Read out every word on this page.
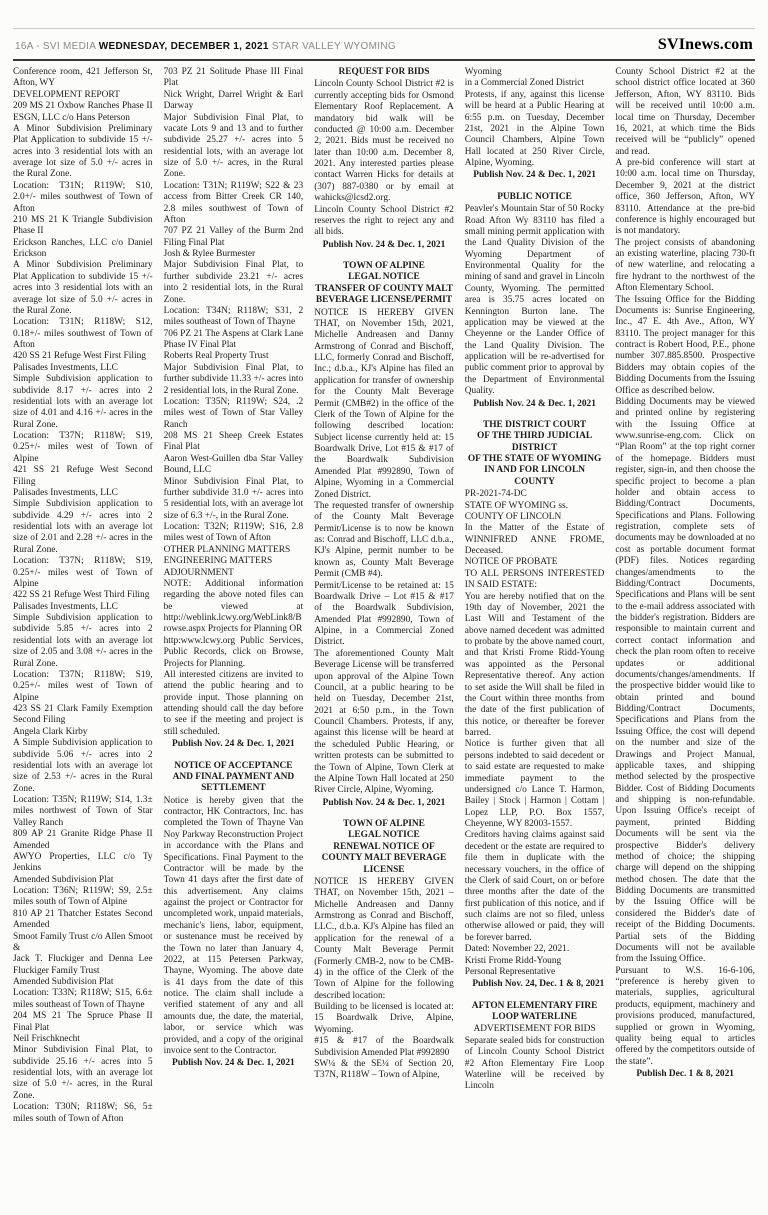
16A - SVI MEDIA WEDNESDAY, DECEMBER 1, 2021 STAR VALLEY WYOMING	SVInews.com

Conference room, 421 Jefferson St, Afton, WY

DEVELOPMENT REPORT

209 MS 21 Oxbow Ranches Phase II ESGN, LLC c/o Hans Peterson

A Minor Subdivision Preliminary Plat Application to subdivide 15 +/- acres into 3 residential lots with an average lot size of 5.0 +/- acres in the Rural Zone.

Location: T31N; R119W; S10, 2.0+/- miles southwest of Town of Afton

210 MS 21 K Triangle Subdivision Phase II

Erickson Ranches, LLC c/o Daniel Erickson

A Minor Subdivision Preliminary Plat Application to subdivide 15 +/- acres into 3 residential lots with an average lot size of 5.0 +/- acres in the Rural Zone.

Location: T31N; R118W; S12, 0.18+/- miles southwest of Town of Afton

420 SS 21 Refuge West First Filing

Palisades Investments, LLC

Simple Subdivision application to subdivide 8.17 +/- acres into 2 residential lots with an average lot size of 4.01 and 4.16 +/- acres in the Rural Zone.

Location: T37N; R118W; S19, 0.25+/- miles west of Town of Alpine

421 SS 21 Refuge West Second Filing

Palisades Investments, LLC

Simple Subdivision application to subdivide 4.29 +/- acres into 2 residential lots with an average lot size of 2.01 and 2.28 +/- acres in the Rural Zone.

Location: T37N; R118W; S19, 0.25+/- miles west of Town of Alpine

422 SS 21 Refuge West Third Filing

Palisades Investments, LLC

Simple Subdivision application to subdivide 5.85 +/- acres into 2 residential lots with an average lot size of 2.05 and 3.08 +/- acres in the Rural Zone.

Location: T37N; R118W; S19, 0.25+/- miles west of Town of Alpine

423 SS 21 Clark Family Exemption Second Filing

Angela Clark Kirby

A Simple Subdivision application to subdivide 5.06 +/- acres into 2 residential lots with an average lot size of 2.53 +/- acres in the Rural Zone.

Location: T35N; R119W; S14, 1.3± miles northwest of Town of Star Valley Ranch

809 AP 21 Granite Ridge Phase II Amended

AWYO Properties, LLC c/o Ty Jenkins

Amended Subdivision Plat

Location: T36N; R119W; S9, 2.5± miles south of Town of Alpine

810 AP 21 Thatcher Estates Second Amended

Smoot Family Trust c/o Allen Smoot &

Jack T. Fluckiger and Denna Lee Fluckiger Family Trust

Amended Subdivision Plat

Location: T33N; R118W; S15, 6.6± miles southeast of Town of Thayne

204 MS 21 The Spruce Phase II Final Plat

Neil Frischknecht

Minor Subdivision Final Plat, to subdivide 25.16 +/- acres into 5 residential lots, with an average lot size of 5.0 +/- acres, in the Rural Zone.

Location: T30N; R118W; S6, 5± miles south of Town of Afton

703 PZ 21 Solitude Phase III Final Plat

Nick Wright, Darrel Wright & Earl Darway

Major Subdivision Final Plat, to vacate Lots 9 and 13 and to further subdivide 25.27 +/- acres into 5 residential lots, with an average lot size of 5.0 +/- acres, in the Rural Zone.

Location: T31N; R119W; S22 & 23 access from Bitter Creek CR 140, 2.8 miles southwest of Town of Afton

707 PZ 21 Valley of the Burm 2nd Filing Final Plat

Josh & Rylee Burmester

Major Subdivision Final Plat, to further subdivide 23.21 +/- acres into 2 residential lots, in the Rural Zone.

Location: T34N; R118W; S31, 2 miles southeast of Town of Thayne

706 PZ 21 The Aspens at Clark Lane Phase IV Final Plat

Roberts Real Property Trust

Major Subdivision Final Plat, to further subdivide 11.33 +/- acres into 2 residential lots, in the Rural Zone.

Location: T35N; R119W; S24, .2 miles west of Town of Star Valley Ranch

208 MS 21 Sheep Creek Estates Final Plat

Aaron West-Guillen dba Star Valley Bound, LLC

Minor Subdivision Final Plat, to further subdivide 31.0 +/- acres into 5 residential lots, with an average lot size of 6.3 +/-, in the Rural Zone.

Location: T32N; R119W; S16, 2.8 miles west of Town of Afton

OTHER PLANNING MATTERS

ENGINEERING MATTERS

ADJOURNMENT

NOTE: Additional information regarding the above noted files can be viewed at http://weblink.lcwy.org/WebLink8/Browse.aspx Projects for Planning OR

http:www.lcwy.org Public Services, Public Records, click on Browse, Projects for Planning.

All interested citizens are invited to attend the public hearing and to provide input. Those planning on attending should call the day before to see if the meeting and project is still scheduled.

Publish Nov. 24 & Dec. 1, 2021

NOTICE OF ACCEPTANCE AND FINAL PAYMENT AND SETTLEMENT

Notice is hereby given that the contractor, HK Contractors, Inc. has completed the Town of Thayne Van Noy Parkway Reconstruction Project in accordance with the Plans and Specifications. Final Payment to the Contractor will be made by the Town 41 days after the first date of this advertisement. Any claims against the project or Contractor for uncompleted work, unpaid materials, mechanic's liens, labor, equipment, or sustenance must be received by the Town no later than January 4, 2022, at 115 Petersen Parkway, Thayne, Wyoming. The above date is 41 days from the date of this notice. The claim shall include a verified statement of any and all amounts due, the date, the material, labor, or service which was provided, and a copy of the original invoice sent to the Contractor.

Publish Nov. 24 & Dec. 1, 2021

REQUEST FOR BIDS

Lincoln County School District #2 is currently accepting bids for Osmond Elementary Roof Replacement. A mandatory bid walk will be conducted @ 10:00 a.m. December 2, 2021. Bids must be received no later than 10:00 a.m. December 8, 2021. Any interested parties please contact Warren Hicks for details at (307) 887-0380 or by email at wahicks@lcsd2.org.

Lincoln County School District #2 reserves the right to reject any and all bids.

Publish Nov. 24 & Dec. 1, 2021

TOWN OF ALPINE
LEGAL NOTICE
TRANSFER OF COUNTY MALT BEVERAGE LICENSE/PERMIT

NOTICE IS HEREBY GIVEN THAT, on November 15th, 2021, Michelle Andreasen and Danny Armstrong of Conrad and Bischoff, LLC, formerly Conrad and Bischoff, Inc.; d.b.a., KJ's Alpine has filed an application for transfer of ownership for the County Malt Beverage Permit (CMB#2) in the office of the Clerk of the Town of Alpine for the following described location: Subject license currently held at: 15 Boardwalk Drive, Lot #15 & #17 of the Boardwalk Subdivision Amended Plat #992890, Town of Alpine, Wyoming in a Commercial Zoned District.

The requested transfer of ownership of the County Malt Beverage Permit/License is to now be known as: Conrad and Bischoff, LLC d.b.a., KJ's Alpine, permit number to be known as, County Malt Beverage Permit (CMB #4).

Permit/License to be retained at: 15 Boardwalk Drive – Lot #15 & #17 of the Boardwalk Subdivision, Amended Plat #992890, Town of Alpine, in a Commercial Zoned District.

The aforementioned County Malt Beverage License will be transferred upon approval of the Alpine Town Council, at a public hearing to be held on Tuesday, December 21st, 2021 at 6:50 p.m., in the Town Council Chambers. Protests, if any, against this license will be heard at the scheduled Public Hearing, or written protests can be submitted to the Town of Alpine, Town Clerk at the Alpine Town Hall located at 250 River Circle, Alpine, Wyoming.

Publish Nov. 24 & Dec. 1, 2021

TOWN OF ALPINE
LEGAL NOTICE
RENEWAL NOTICE OF COUNTY MALT BEVERAGE LICENSE

NOTICE IS HEREBY GIVEN THAT, on November 15th, 2021 – Michelle Andreasen and Danny Armstrong as Conrad and Bischoff, LLC., d.b.a. KJ's Alpine has filed an application for the renewal of a County Malt Beverage Permit (Formerly CMB-2, now to be CMB-4) in the office of the Clerk of the Town of Alpine for the following described location:

Building to be licensed is located at: 15 Boardwalk Drive, Alpine, Wyoming.

#15 & #17 of the Boardwalk Subdivision Amended Plat #992890

SW¼ & the SE¼ of Section 20, T37N, R118W – Town of Alpine,

Wyoming

in a Commercial Zoned District

Protests, if any, against this license will be heard at a Public Hearing at 6:55 p.m. on Tuesday, December 21st, 2021 in the Alpine Town Council Chambers, Alpine Town Hall located at 250 River Circle, Alpine, Wyoming.

Publish Nov. 24 & Dec. 1, 2021

PUBLIC NOTICE

Peavler's Mountain Star of 50 Rocky Road Afton Wy 83110 has filed a small mining permit application with the Land Quality Division of the Wyoming Department of Environmental Quality for the mining of sand and gravel in Lincoln County, Wyoming. The permitted area is 35.75 acres located on Kennington Burton lane. The application may be viewed at the Cheyenne or the Lander Office of the Land Quality Division. The application will be re-advertised for public comment prior to approval by the Department of Environmental Quality.

Publish Nov. 24 & Dec. 1, 2021

THE DISTRICT COURT
OF THE THIRD JUDICIAL DISTRICT
OF THE STATE OF WYOMING
IN AND FOR LINCOLN COUNTY

PR-2021-74-DC

STATE OF WYOMING ss.

COUNTY OF LINCOLN

In the Matter of the Estate of WINNIFRED ANNE FROME, Deceased.

NOTICE OF PROBATE

TO ALL PERSONS INTERESTED IN SAID ESTATE:

You are hereby notified that on the 19th day of November, 2021 the Last Will and Testament of the above named decedent was admitted to probate by the above named court, and that Kristi Frome Ridd-Young was appointed as the Personal Representative thereof. Any action to set aside the Will shall be filed in the Court within three months from the date of the first publication of this notice, or thereafter be forever barred.

Notice is further given that all persons indebted to said decedent or to said estate are requested to make immediate payment to the undersigned c/o Lance T. Harmon, Bailey | Stock | Harmon | Cottam | Lopez LLP, P.O. Box 1557, Cheyenne, WY 82003-1557.

Creditors having claims against said decedent or the estate are required to file them in duplicate with the necessary vouchers, in the office of the Clerk of said Court, on or before three months after the date of the first publication of this notice, and if such claims are not so filed, unless otherwise allowed or paid, they will be forever barred.

Dated: November 22, 2021.

Kristi Frome Ridd-Young

Personal Representative

Publish Nov. 24, Dec. 1 & 8, 2021

AFTON ELEMENTARY FIRE LOOP WATERLINE

ADVERTISEMENT FOR BIDS

Separate sealed bids for construction of Lincoln County School District #2 Afton Elementary Fire Loop Waterline will be received by Lincoln

County School District #2 at the school district office located at 360 Jefferson, Afton, WY 83110. Bids will be received until 10:00 a.m. local time on Thursday, December 16, 2021, at which time the Bids received will be “publicly” opened and read.

A pre-bid conference will start at 10:00 a.m. local time on Thursday, December 9, 2021 at the district office, 360 Jefferson, Afton, WY 83110. Attendance at the pre-bid conference is highly encouraged but is not mandatory.

The project consists of abandoning an existing waterline, placing 730-ft of new waterline, and relocating a fire hydrant to the northwest of the Afton Elementary School.

The Issuing Office for the Bidding Documents is: Sunrise Engineering, Inc., 47 E. 4th Ave., Afton, WY 83110. The project manager for this contract is Robert Hood, P.E., phone number 307.885.8500. Prospective Bidders may obtain copies of the Bidding Documents from the Issuing Office as described below.

Bidding Documents may be viewed and printed online by registering with the Issuing Office at www.sunrise-eng.com. Click on “Plan Room” at the top right corner of the homepage. Bidders must register, sign-in, and then choose the specific project to become a plan holder and obtain access to Bidding/Contract Documents, Specifications and Plans. Following registration, complete sets of documents may be downloaded at no cost as portable document format (PDF) files. Notices regarding changes/amendments to the Bidding/Contract Documents, Specifications and Plans will be sent to the e-mail address associated with the bidder's registration. Bidders are responsible to maintain current and correct contact information and check the plan room often to receive updates or additional documents/changes/amendments. If the prospective bidder would like to obtain printed and bound Bidding/Contract Documents, Specifications and Plans from the Issuing Office, the cost will depend on the number and size of the Drawings and Project Manual, applicable taxes, and shipping method selected by the prospective Bidder. Cost of Bidding Documents and shipping is non-refundable. Upon Issuing Office's receipt of payment, printed Bidding Documents will be sent via the prospective Bidder's delivery method of choice; the shipping charge will depend on the shipping method chosen. The date that the Bidding Documents are transmitted by the Issuing Office will be considered the Bidder's date of receipt of the Bidding Documents. Partial sets of the Bidding Documents will not be available from the Issuing Office.

Pursuant to W.S. 16-6-106, “preference is hereby given to materials, supplies, agricultural products, equipment, machinery and provisions produced, manufactured, supplied or grown in Wyoming, quality being equal to articles offered by the competitors outside of the state”.

Publish Dec. 1 & 8, 2021
